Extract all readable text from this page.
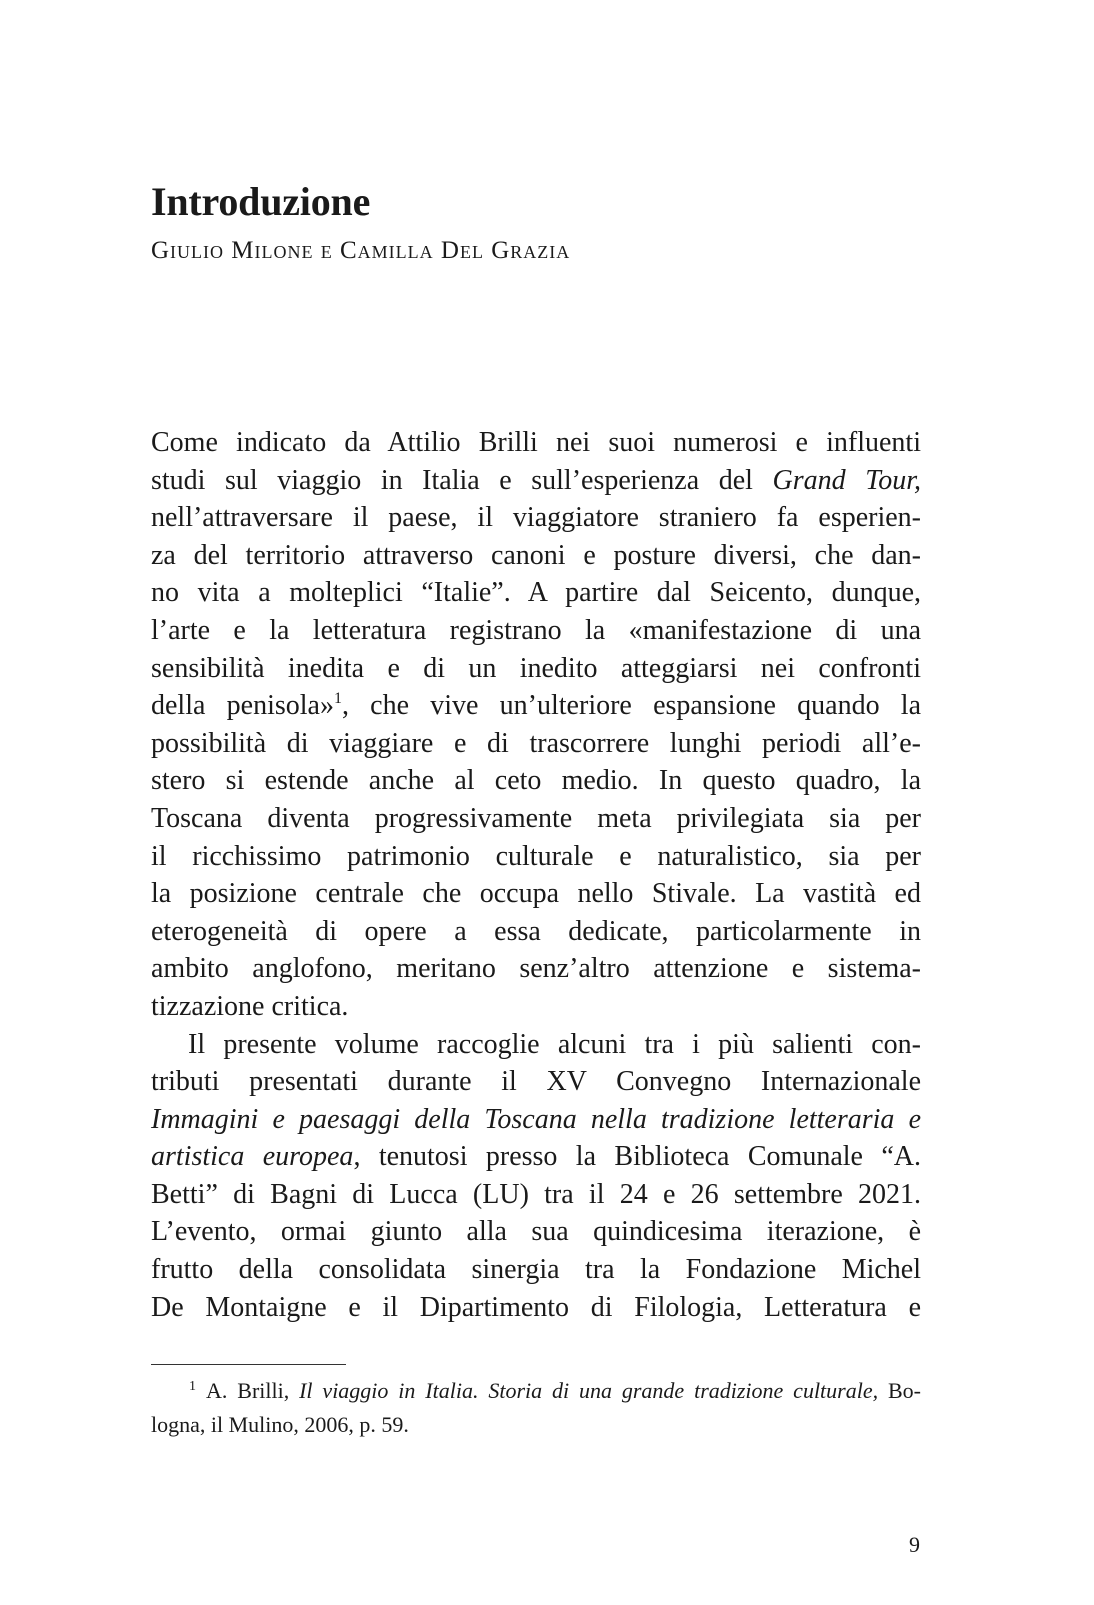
Introduzione

Giulio Milone e Camilla Del Grazia

Come indicato da Attilio Brilli nei suoi numerosi e influenti
studi sul viaggio in Italia e sull’esperienza del Grand Tour,
nell’attraversare il paese, il viaggiatore straniero fa esperien-
za del territorio attraverso canoni e posture diversi, che dan-
no vita a molteplici “Italie”. A partire dal Seicento, dunque,
l’arte e la letteratura registrano la «manifestazione di una
sensibilità inedita e di un inedito atteggiarsi nei confronti
della penisola»$^1$, che vive un’ulteriore espansione quando la
possibilità di viaggiare e di trascorrere lunghi periodi all’e-
stero si estende anche al ceto medio. In questo quadro, la
Toscana diventa progressivamente meta privilegiata sia per
il ricchissimo patrimonio culturale e naturalistico, sia per
la posizione centrale che occupa nello Stivale. La vastità ed
eterogeneità di opere a essa dedicate, particolarmente in
ambito anglofono, meritano senz’altro attenzione e sistema-
tizzazione critica.
Il presente volume raccoglie alcuni tra i più salienti con-
tributi presentati durante il XV Convegno Internazionale
Immagini e paesaggi della Toscana nella tradizione letteraria e
artistica europea, tenutosi presso la Biblioteca Comunale “A.
Betti” di Bagni di Lucca (LU) tra il 24 e 26 settembre 2021.
L’evento, ormai giunto alla sua quindicesima iterazione, è
frutto della consolidata sinergia tra la Fondazione Michel
De Montaigne e il Dipartimento di Filologia, Letteratura e
$^1$ A. Brilli, Il viaggio in Italia. Storia di una grande tradizione culturale, Bo-
logna, il Mulino, 2006, p. 59.
9
